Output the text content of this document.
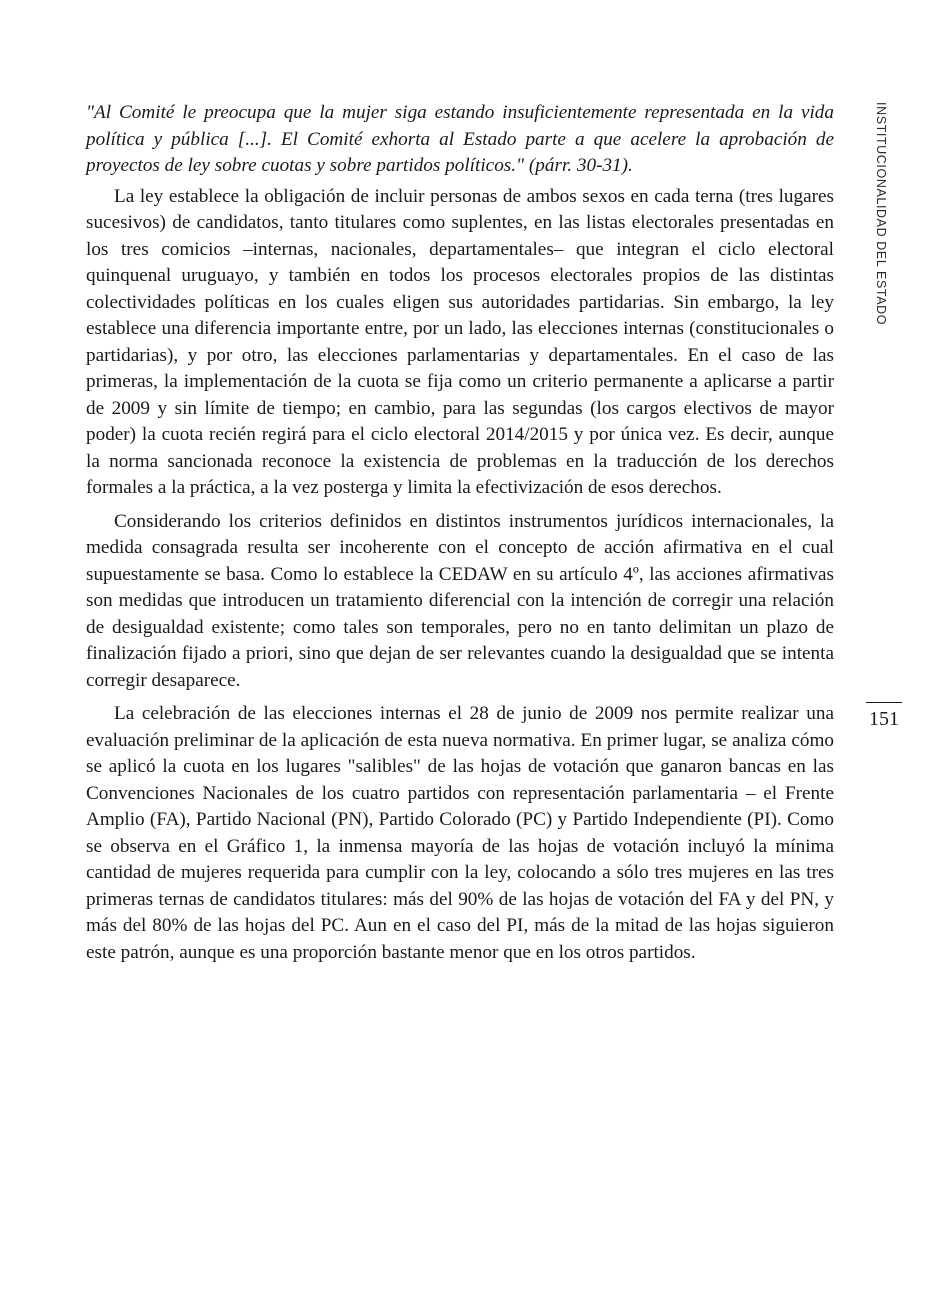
"Al Comité le preocupa que la mujer siga estando insuficientemente representada en la vida política y pública [...]. El Comité exhorta al Estado parte a que acelere la aprobación de proyectos de ley sobre cuotas y sobre partidos políticos." (párr. 30-31).

La ley establece la obligación de incluir personas de ambos sexos en cada terna (tres lugares sucesivos) de candidatos, tanto titulares como suplentes, en las listas electorales presentadas en los tres comicios –internas, nacionales, departamentales– que integran el ciclo electoral quinquenal uruguayo, y también en todos los procesos electorales propios de las distintas colectividades políticas en los cuales eligen sus autoridades partidarias. Sin embargo, la ley establece una diferencia importante entre, por un lado, las elecciones internas (constitucionales o partidarias), y por otro, las elecciones parlamentarias y departamentales. En el caso de las primeras, la implementación de la cuota se fija como un criterio permanente a aplicarse a partir de 2009 y sin límite de tiempo; en cambio, para las segundas (los cargos electivos de mayor poder) la cuota recién regirá para el ciclo electoral 2014/2015 y por única vez. Es decir, aunque la norma sancionada reconoce la existencia de problemas en la traducción de los derechos formales a la práctica, a la vez posterga y limita la efectivización de esos derechos.

Considerando los criterios definidos en distintos instrumentos jurídicos internacionales, la medida consagrada resulta ser incoherente con el concepto de acción afirmativa en el cual supuestamente se basa. Como lo establece la CEDAW en su artículo 4º, las acciones afirmativas son medidas que introducen un tratamiento diferencial con la intención de corregir una relación de desigualdad existente; como tales son temporales, pero no en tanto delimitan un plazo de finalización fijado a priori, sino que dejan de ser relevantes cuando la desigualdad que se intenta corregir desaparece.

La celebración de las elecciones internas el 28 de junio de 2009 nos permite realizar una evaluación preliminar de la aplicación de esta nueva normativa. En primer lugar, se analiza cómo se aplicó la cuota en los lugares "salibles" de las hojas de votación que ganaron bancas en las Convenciones Nacionales de los cuatro partidos con representación parlamentaria – el Frente Amplio (FA), Partido Nacional (PN), Partido Colorado (PC) y Partido Independiente (PI). Como se observa en el Gráfico 1, la inmensa mayoría de las hojas de votación incluyó la mínima cantidad de mujeres requerida para cumplir con la ley, colocando a sólo tres mujeres en las tres primeras ternas de candidatos titulares: más del 90% de las hojas de votación del FA y del PN, y más del 80% de las hojas del PC. Aun en el caso del PI, más de la mitad de las hojas siguieron este patrón, aunque es una proporción bastante menor que en los otros partidos.

INSTITUCIONALIDAD DEL ESTADO
151
